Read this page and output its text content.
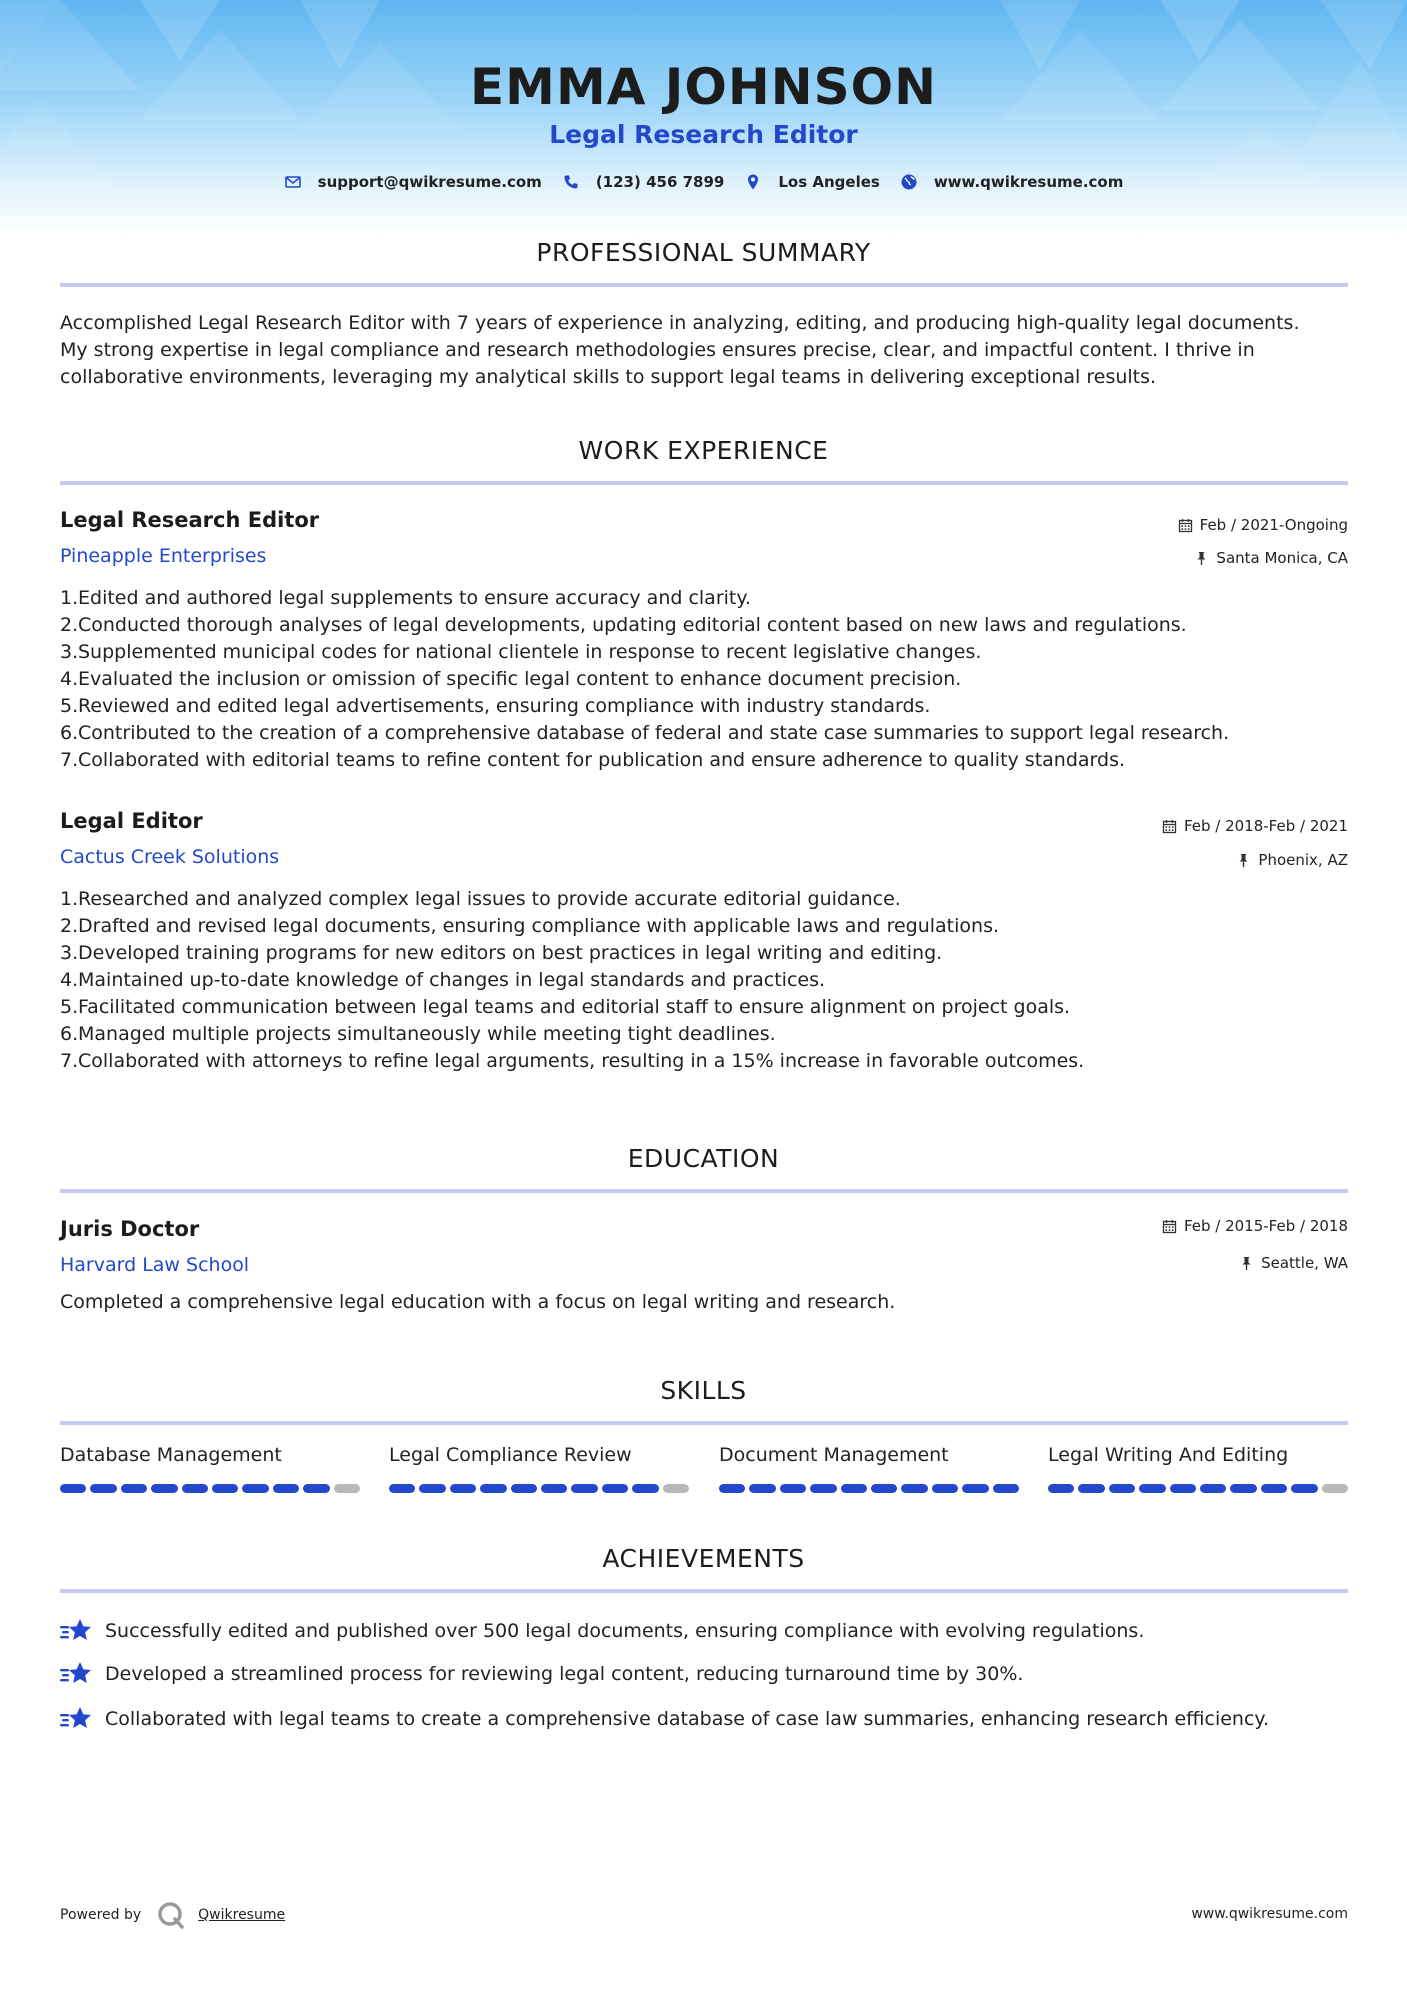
EMMA JOHNSON
Legal Research Editor
support@qwikresume.com	(123) 456 7899	Los Angeles	www.qwikresume.com
PROFESSIONAL SUMMARY
Accomplished Legal Research Editor with 7 years of experience in analyzing, editing, and producing high-quality legal documents.
My strong expertise in legal compliance and research methodologies ensures precise, clear, and impactful content. I thrive in
collaborative environments, leveraging my analytical skills to support legal teams in delivering exceptional results.
WORK EXPERIENCE
Legal Research Editor
Pineapple Enterprises
Feb / 2021-Ongoing
Santa Monica, CA
1. Edited and authored legal supplements to ensure accuracy and clarity.
2. Conducted thorough analyses of legal developments, updating editorial content based on new laws and regulations.
3. Supplemented municipal codes for national clientele in response to recent legislative changes.
4. Evaluated the inclusion or omission of specific legal content to enhance document precision.
5. Reviewed and edited legal advertisements, ensuring compliance with industry standards.
6. Contributed to the creation of a comprehensive database of federal and state case summaries to support legal research.
7. Collaborated with editorial teams to refine content for publication and ensure adherence to quality standards.
Legal Editor
Cactus Creek Solutions
Feb / 2018-Feb / 2021
Phoenix, AZ
1. Researched and analyzed complex legal issues to provide accurate editorial guidance.
2. Drafted and revised legal documents, ensuring compliance with applicable laws and regulations.
3. Developed training programs for new editors on best practices in legal writing and editing.
4. Maintained up-to-date knowledge of changes in legal standards and practices.
5. Facilitated communication between legal teams and editorial staff to ensure alignment on project goals.
6. Managed multiple projects simultaneously while meeting tight deadlines.
7. Collaborated with attorneys to refine legal arguments, resulting in a 15% increase in favorable outcomes.
EDUCATION
Juris Doctor
Harvard Law School
Feb / 2015-Feb / 2018
Seattle, WA
Completed a comprehensive legal education with a focus on legal writing and research.
SKILLS
Database Management	Legal Compliance Review	Document Management	Legal Writing And Editing
ACHIEVEMENTS
Successfully edited and published over 500 legal documents, ensuring compliance with evolving regulations.
Developed a streamlined process for reviewing legal content, reducing turnaround time by 30%.
Collaborated with legal teams to create a comprehensive database of case law summaries, enhancing research efficiency.
Powered by	Qwikresume	www.qwikresume.com
